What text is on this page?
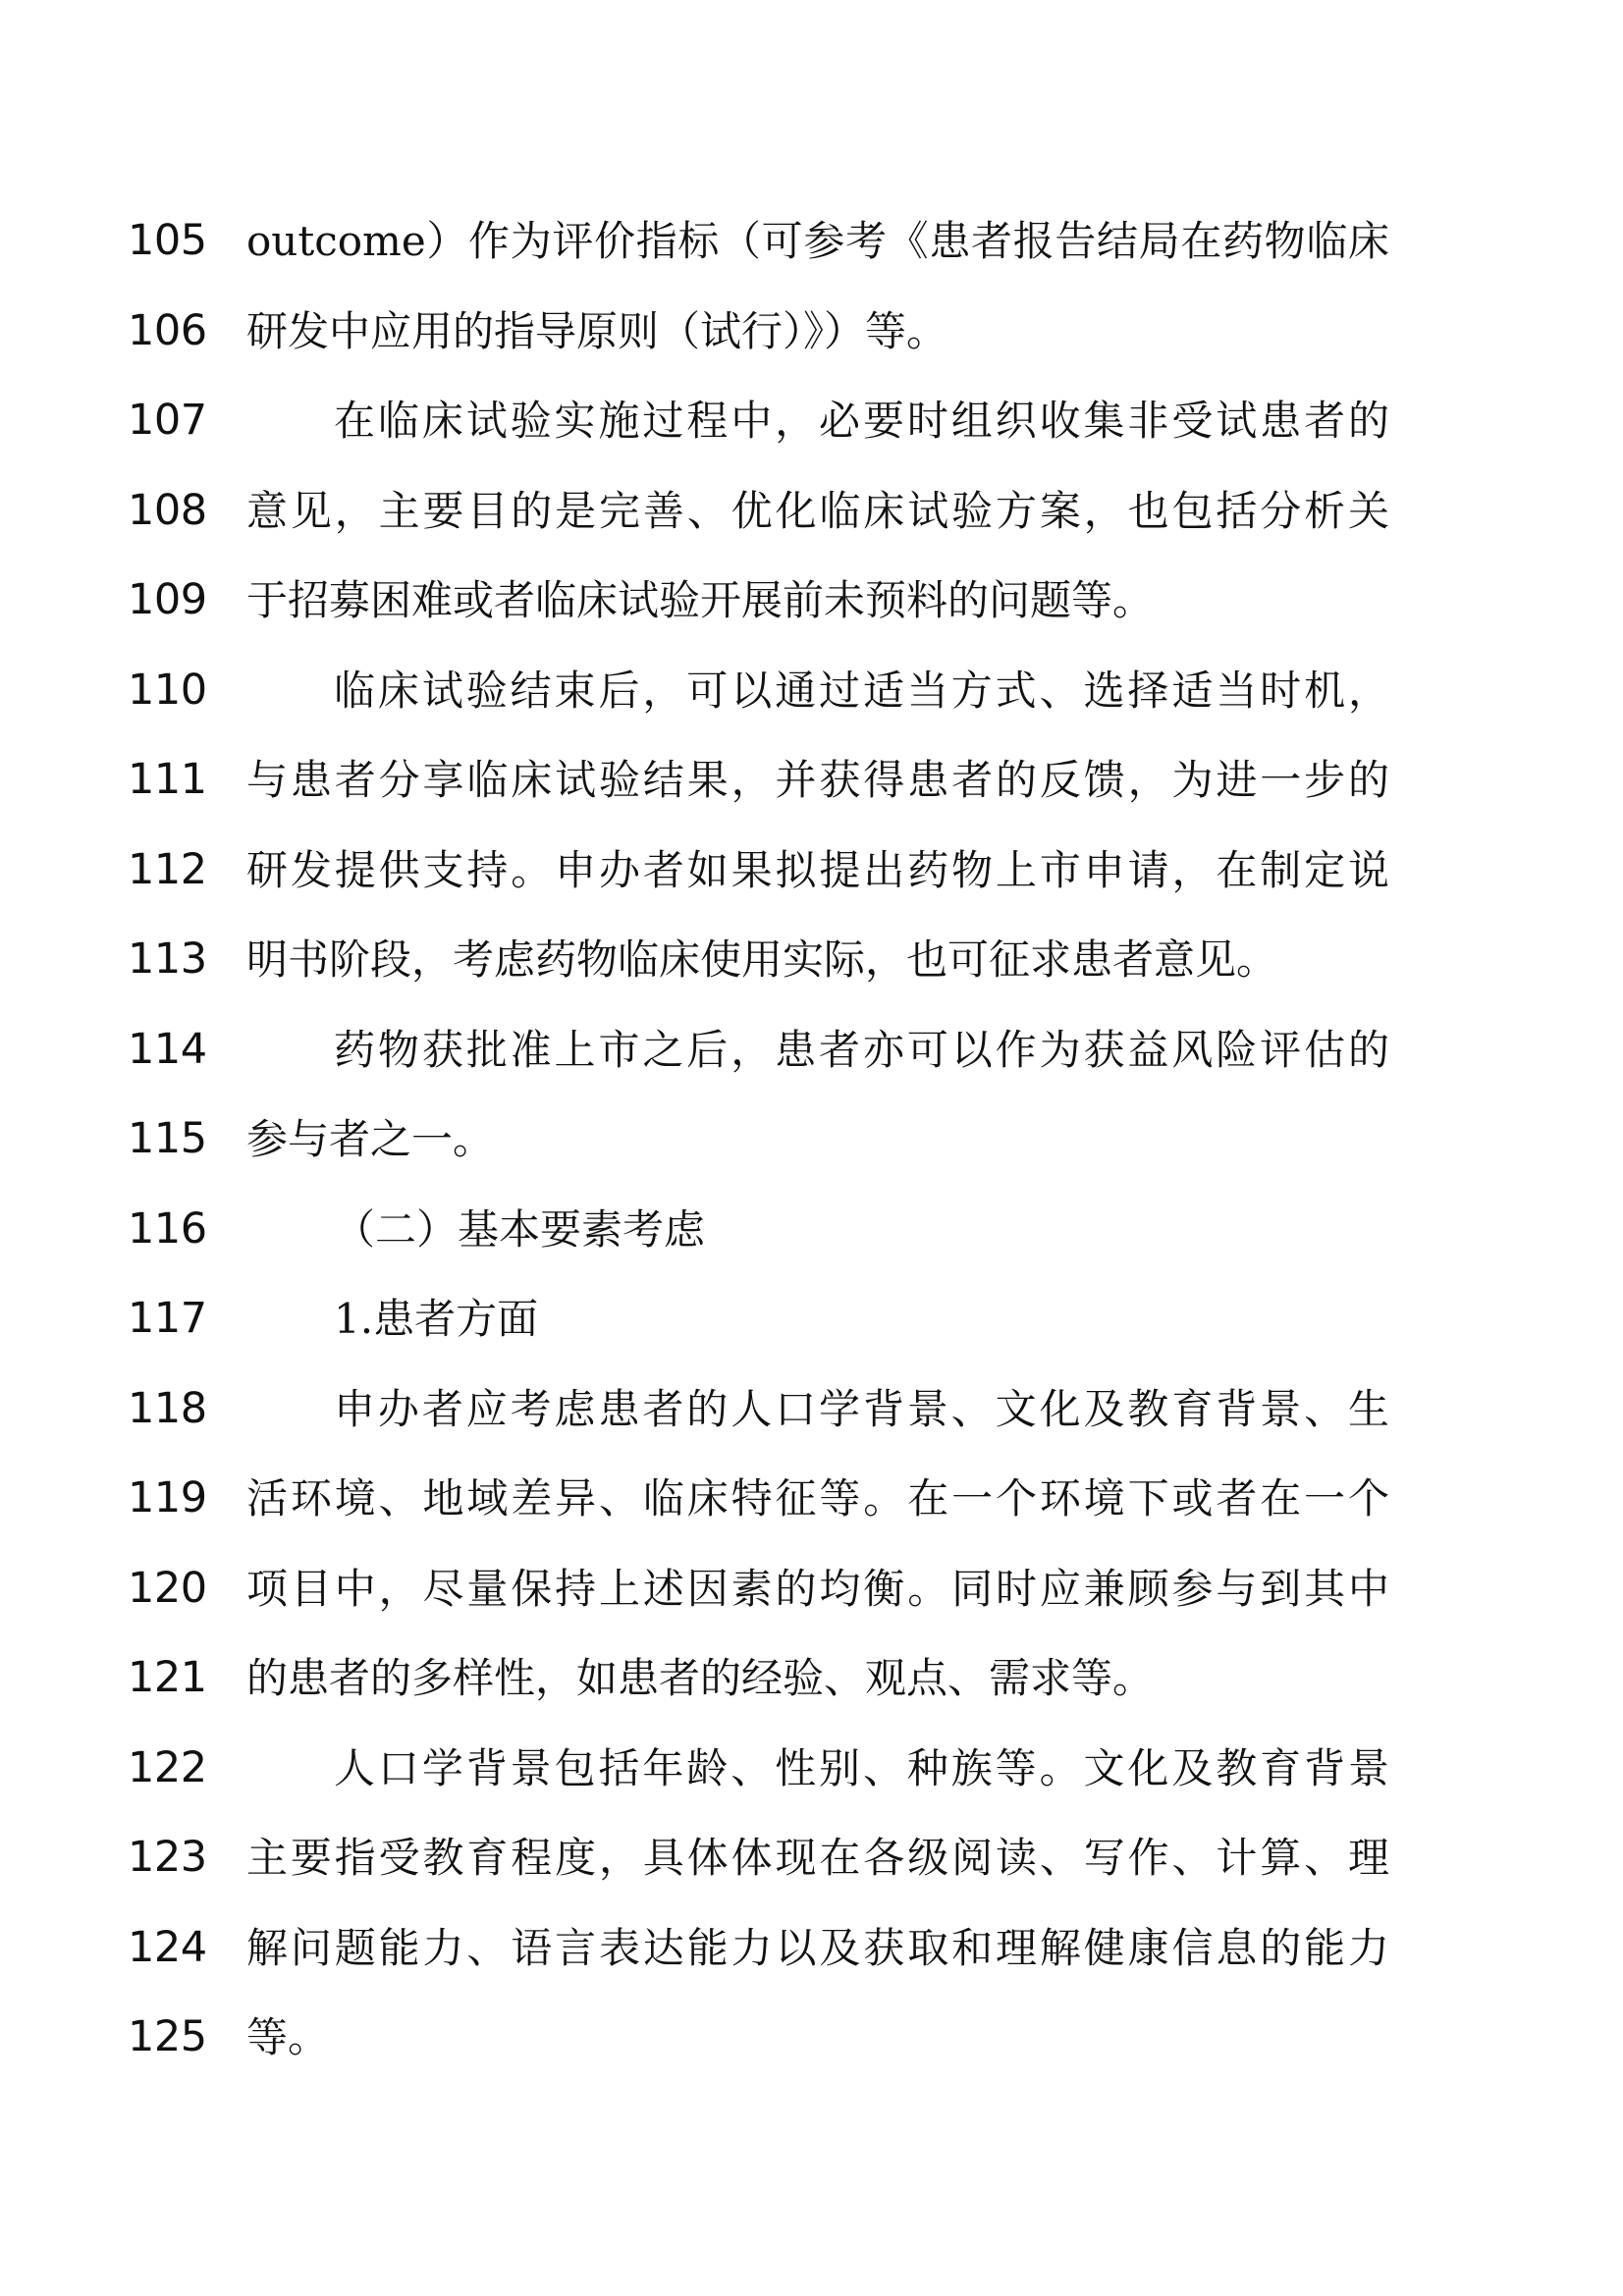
105 outcome）作为评价指标（可参考《患者报告结局在药物临床
106 研发中应用的指导原则（试行）》）等。
107	在临床试验实施过程中，必要时组织收集非受试患者的
108 意见，主要目的是完善、优化临床试验方案，也包括分析关
109 于招募困难或者临床试验开展前未预料的问题等。
110	临床试验结束后，可以通过适当方式、选择适当时机，
111 与患者分享临床试验结果，并获得患者的反馈，为进一步的
112 研发提供支持。申办者如果拟提出药物上市申请，在制定说
113 明书阶段，考虑药物临床使用实际，也可征求患者意见。
114	药物获批准上市之后，患者亦可以作为获益风险评估的
115 参与者之一。
116	（二）基本要素考虑
117	1.患者方面
118	申办者应考虑患者的人口学背景、文化及教育背景、生
119 活环境、地域差异、临床特征等。在一个环境下或者在一个
120 项目中，尽量保持上述因素的均衡。同时应兼顾参与到其中
121 的患者的多样性，如患者的经验、观点、需求等。
122	人口学背景包括年龄、性别、种族等。文化及教育背景
123 主要指受教育程度，具体体现在各级阅读、写作、计算、理
124 解问题能力、语言表达能力以及获取和理解健康信息的能力
125 等。
